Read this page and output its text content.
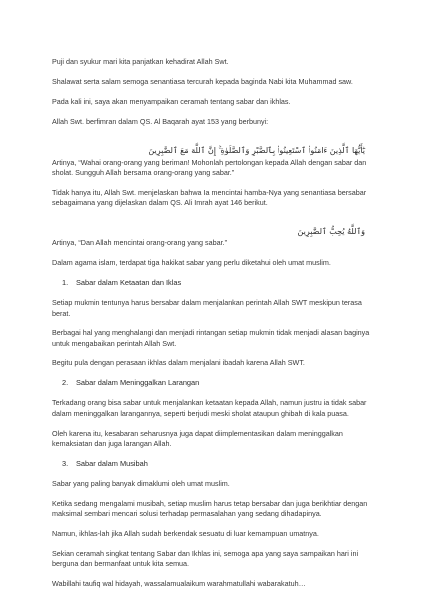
Puji dan syukur mari kita panjatkan kehadirat Allah Swt.

Shalawat serta salam semoga senantiasa tercurah kepada baginda Nabi kita Muhammad saw.

Pada kali ini, saya akan menyampaikan ceramah tentang sabar dan ikhlas.

Allah Swt. berfimran dalam QS. Al Baqarah ayat 153 yang berbunyi:

يَٰٓأَيُّهَا ٱلَّذِينَ ءَامَنُوا۟ ٱسْتَعِينُوا۟ بِٱلصَّبْرِ وَٱلصَّلَوٰةِ ۚ إِنَّ ٱللَّهَ مَعَ ٱلصَّٰبِرِينَ

Artinya, “Wahai orang-orang yang beriman! Mohonlah pertolongan kepada Allah dengan sabar dan sholat. Sungguh Allah bersama orang-orang yang sabar.”

Tidak hanya itu, Allah Swt. menjelaskan bahwa Ia mencintai hamba-Nya yang senantiasa bersabar sebagaimana yang dijelaskan dalam QS. Ali Imrah ayat 146 berikut.

وَٱللَّهُ يُحِبُّ ٱلصَّٰبِرِينَ

Artinya, “Dan Allah mencintai orang-orang yang sabar.”

Dalam agama islam, terdapat tiga hakikat sabar yang perlu diketahui oleh umat muslim.

1. Sabar dalam Ketaatan dan Iklas

Setiap mukmin tentunya harus bersabar dalam menjalankan perintah Allah SWT meskipun terasa berat.

Berbagai hal yang menghalangi dan menjadi rintangan setiap mukmin tidak menjadi alasan baginya untuk mengabaikan perintah Allah Swt.

Begitu pula dengan perasaan ikhlas dalam menjalani ibadah karena Allah SWT.

2. Sabar dalam Meninggalkan Larangan

Terkadang orang bisa sabar untuk menjalankan ketaatan kepada Allah, namun justru ia tidak sabar dalam meninggalkan larangannya, seperti berjudi meski sholat ataupun ghibah di kala puasa.

Oleh karena itu, kesabaran seharusnya juga dapat diimplementasikan dalam meninggalkan kemaksiatan dan juga larangan Allah.

3. Sabar dalam Musibah

Sabar yang paling banyak dimaklumi oleh umat muslim.

Ketika sedang mengalami musibah, setiap muslim harus tetap bersabar dan juga berikhtiar dengan maksimal sembari mencari solusi terhadap permasalahan yang sedang dihadapinya.

Namun, ikhlas-lah jika Allah sudah berkendak sesuatu di luar kemampuan umatnya.

Sekian ceramah singkat tentang Sabar dan Ikhlas ini, semoga apa yang saya sampaikan hari ini berguna dan bermanfaat untuk kita semua.

Wabillahi taufiq wal hidayah, wassalamualaikum warahmatullahi wabarakatuh…
